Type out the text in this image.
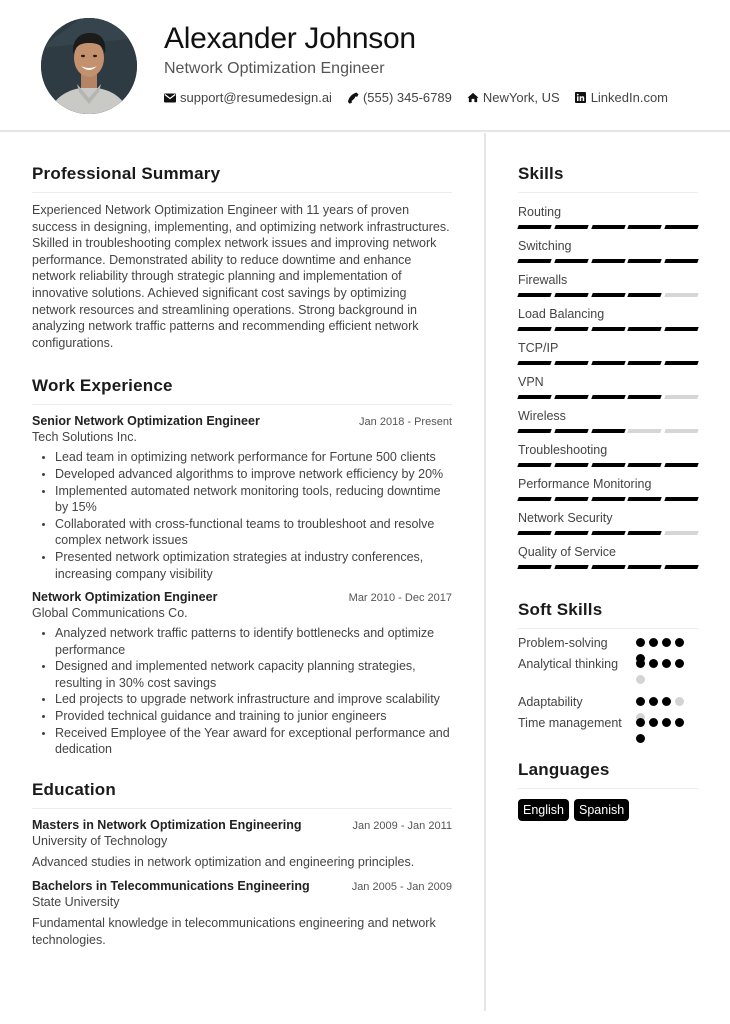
Alexander Johnson
Network Optimization Engineer
support@resumedesign.ai (555) 345-6789 NewYork, US LinkedIn.com
Professional Summary

Experienced Network Optimization Engineer with 11 years of proven success in designing, implementing, and optimizing network infrastructures. Skilled in troubleshooting complex network issues and improving network performance. Demonstrated ability to reduce downtime and enhance network reliability through strategic planning and implementation of innovative solutions. Achieved significant cost savings by optimizing network resources and streamlining operations. Strong background in analyzing network traffic patterns and recommending efficient network configurations.

Work Experience
Senior Network Optimization Engineer	Jan 2018 - Present
Tech Solutions Inc.
Lead team in optimizing network performance for Fortune 500 clients
Developed advanced algorithms to improve network efficiency by 20%
Implemented automated network monitoring tools, reducing downtime by 15%
Collaborated with cross-functional teams to troubleshoot and resolve complex network issues
Presented network optimization strategies at industry conferences, increasing company visibility
Network Optimization Engineer	Mar 2010 - Dec 2017
Global Communications Co.
Analyzed network traffic patterns to identify bottlenecks and optimize performance
Designed and implemented network capacity planning strategies, resulting in 30% cost savings
Led projects to upgrade network infrastructure and improve scalability
Provided technical guidance and training to junior engineers
Received Employee of the Year award for exceptional performance and dedication
Education
Masters in Network Optimization Engineering	Jan 2009 - Jan 2011
University of Technology

Advanced studies in network optimization and engineering principles.

Bachelors in Telecommunications Engineering	Jan 2005 - Jan 2009
State University

Fundamental knowledge in telecommunications engineering and network technologies.

Skills
Routing
Switching
Firewalls
Load Balancing
TCP/IP
VPN
Wireless
Troubleshooting
Performance Monitoring
Network Security
Quality of Service
Soft Skills
Problem-solving
Analytical thinking
Adaptability
Time management
Languages
English	Spanish
